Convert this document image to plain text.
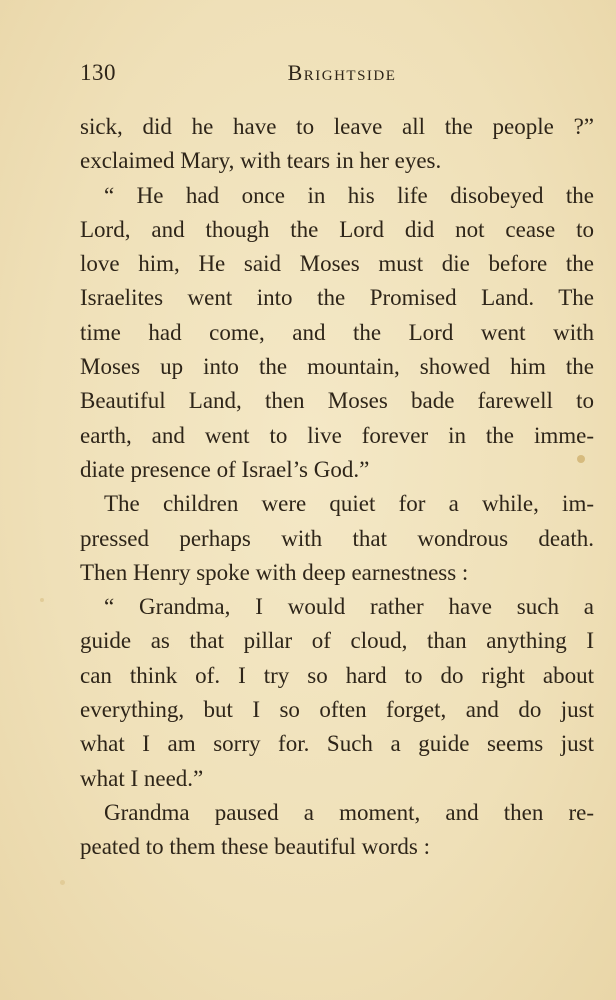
130	Brightside
sick, did he have to leave all the people ?”
exclaimed Mary, with tears in her eyes.
“ He had once in his life disobeyed the
Lord, and though the Lord did not cease to
love him, He said Moses must die before the
Israelites went into the Promised Land. The
time had come, and the Lord went with
Moses up into the mountain, showed him the
Beautiful Land, then Moses bade farewell to
earth, and went to live forever in the imme-
diate presence of Israel’s God.”
The children were quiet for a while, im-
pressed perhaps with that wondrous death.
Then Henry spoke with deep earnestness :
“ Grandma, I would rather have such a
guide as that pillar of cloud, than anything I
can think of. I try so hard to do right about
everything, but I so often forget, and do just
what I am sorry for. Such a guide seems just
what I need.”
Grandma paused a moment, and then re-
peated to them these beautiful words :
